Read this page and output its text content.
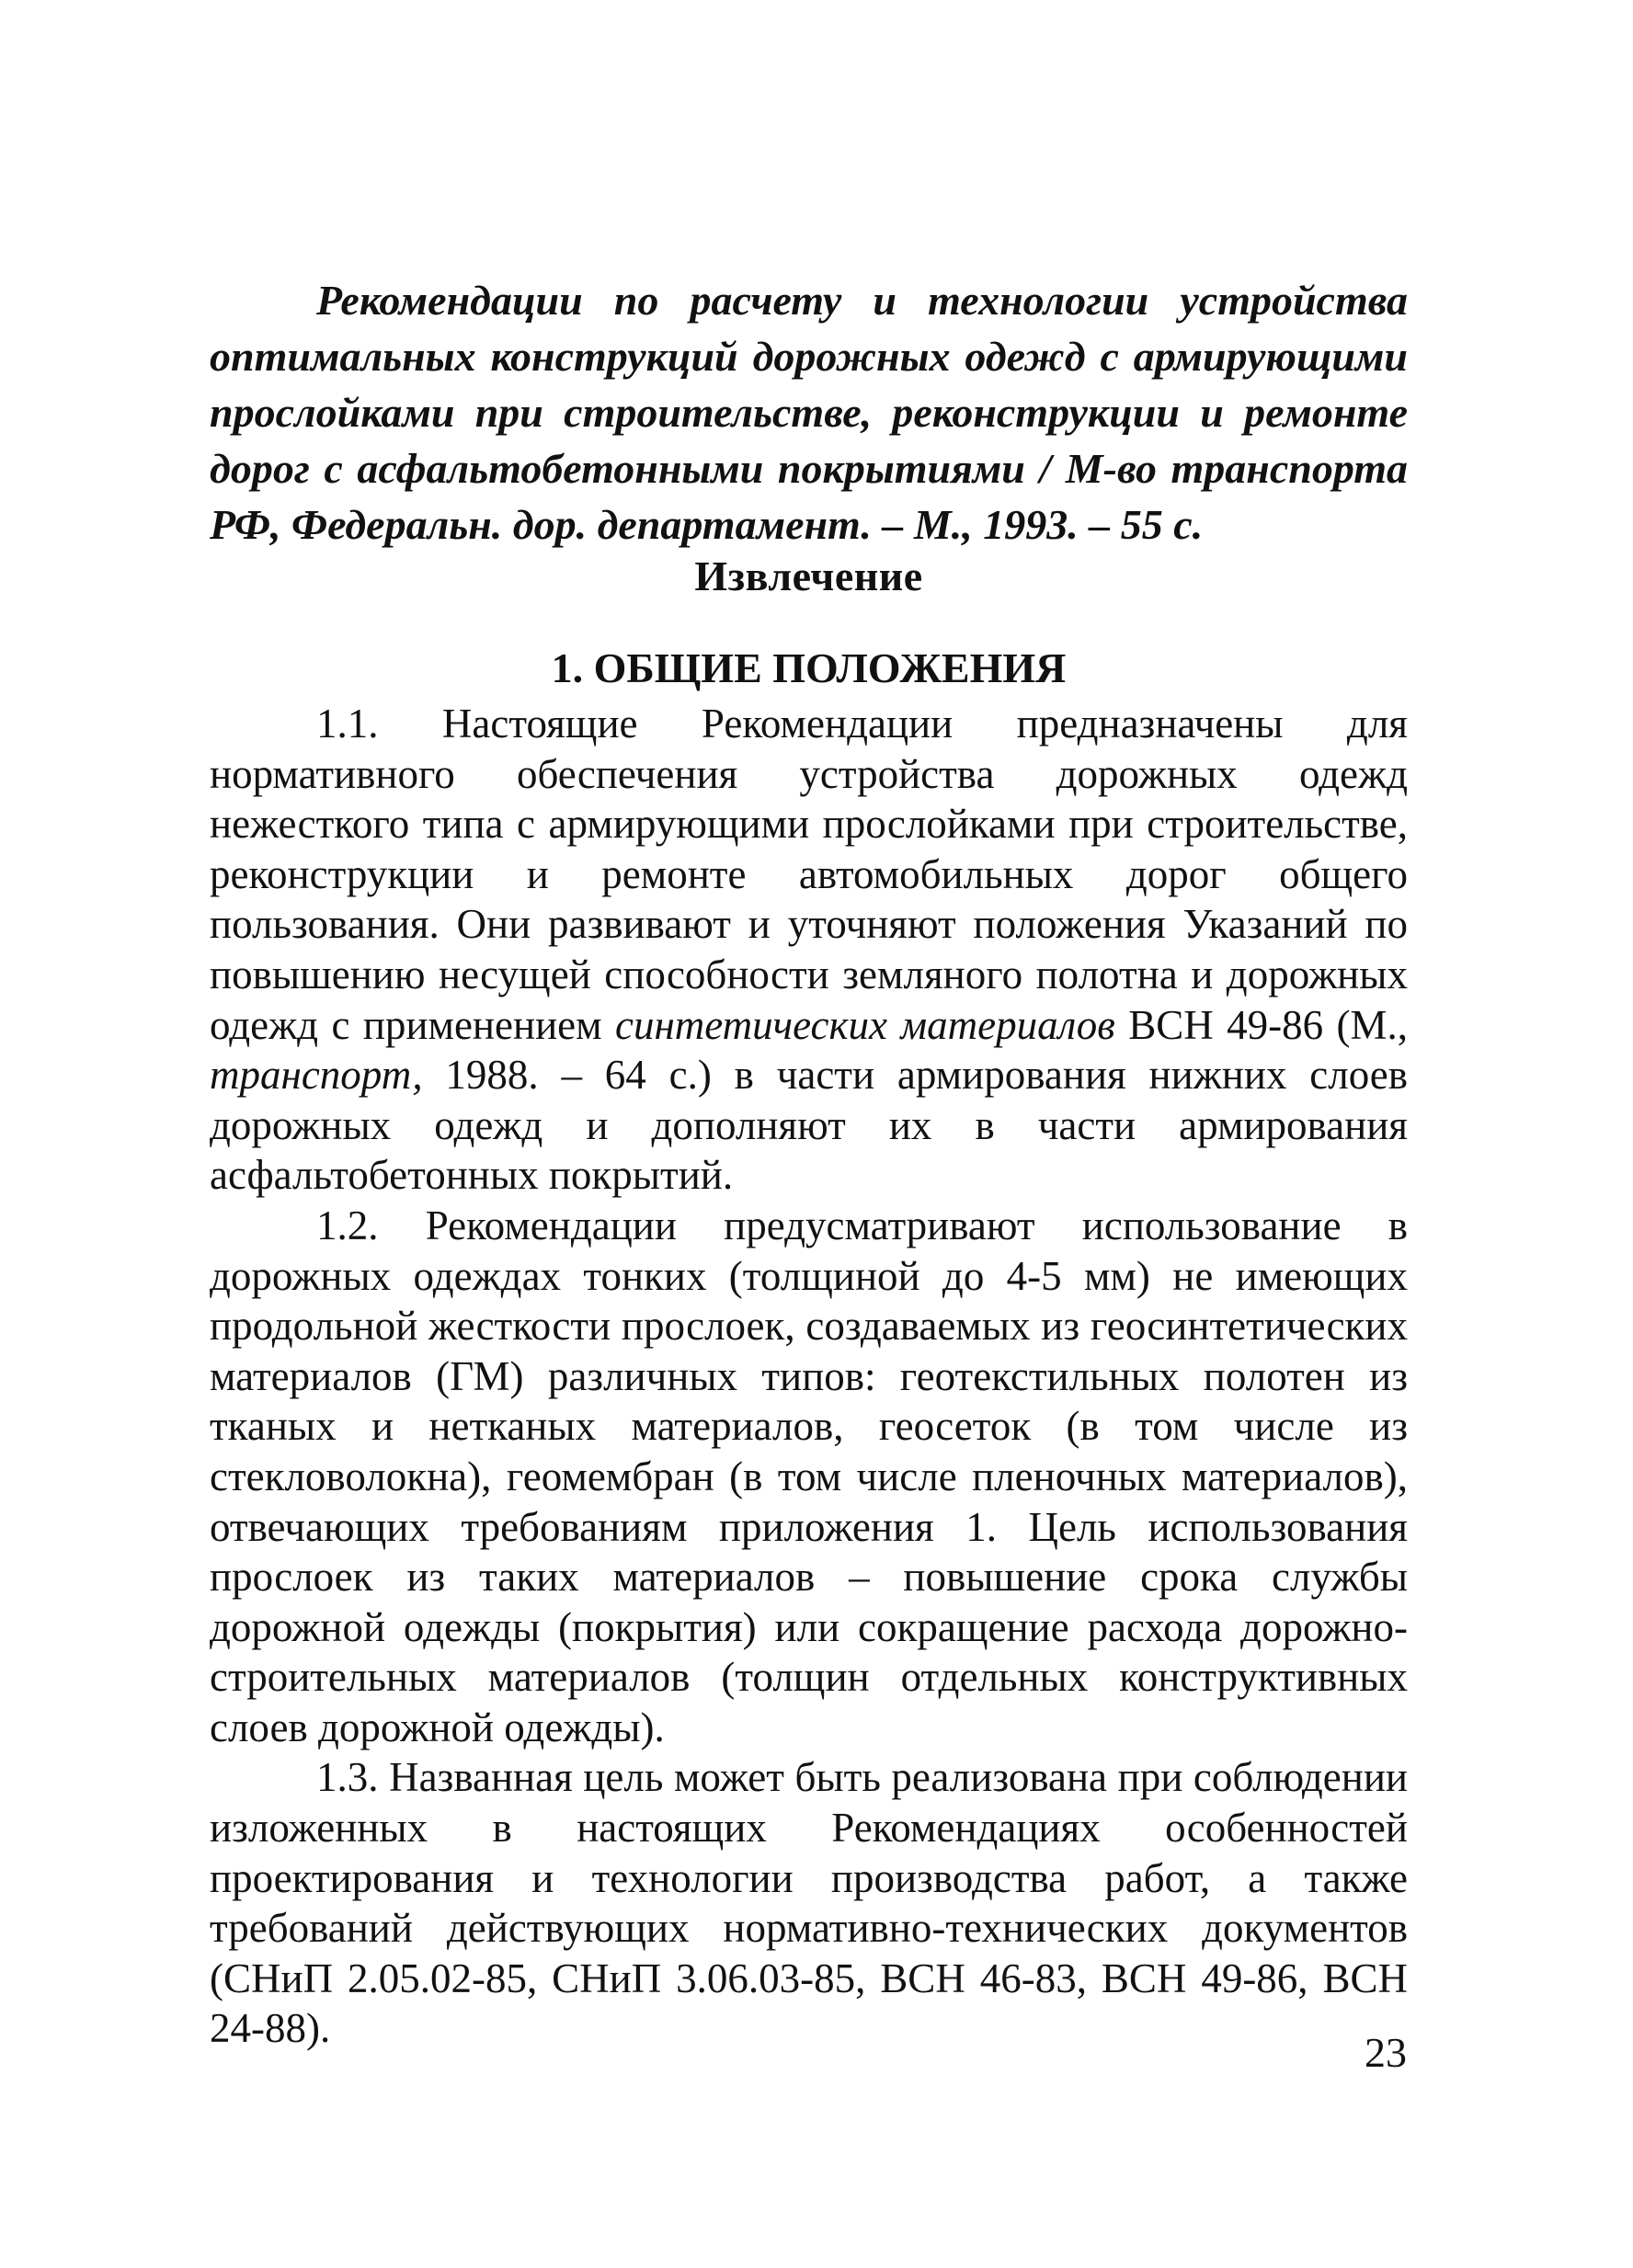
Рекомендации по расчету и технологии устройства оптимальных конструкций дорожных одежд с армирующими прослойками при строительстве, реконструкции и ремонте дорог с асфальтобетонными покрытиями / М-во транспорта РФ, Федеральн. дор. департамент. – М., 1993. – 55 с.

Извлечение

1. ОБЩИЕ ПОЛОЖЕНИЯ

1.1. Настоящие Рекомендации предназначены для нормативного обеспечения устройства дорожных одежд нежесткого типа с армирующими прослойками при строительстве, реконструкции и ремонте автомобильных дорог общего пользования. Они развивают и уточняют положения Указаний по повышению несущей способности земляного полотна и дорожных одежд с применением синтетических материалов ВСН 49-86 (М., транспорт, 1988. – 64 с.) в части армирования нижних слоев дорожных одежд и дополняют их в части армирования асфальтобетонных покрытий.

1.2. Рекомендации предусматривают использование в дорожных одеждах тонких (толщиной до 4-5 мм) не имеющих продольной жесткости прослоек, создаваемых из геосинтетических материалов (ГМ) различных типов: геотекстильных полотен из тканых и нетканых материалов, геосеток (в том числе из стекловолокна), геомембран (в том числе пленочных материалов), отвечающих требованиям приложения 1. Цель использования прослоек из таких материалов – повышение срока службы дорожной одежды (покрытия) или сокращение расхода дорожно-строительных материалов (толщин отдельных конструктивных слоев дорожной одежды).

1.3. Названная цель может быть реализована при соблюдении изложенных в настоящих Рекомендациях особенностей проектирования и технологии производства работ, а также требований действующих нормативно-технических документов (СНиП 2.05.02-85, СНиП 3.06.03-85, ВСН 46-83, ВСН 49-86, ВСН 24-88).

23
